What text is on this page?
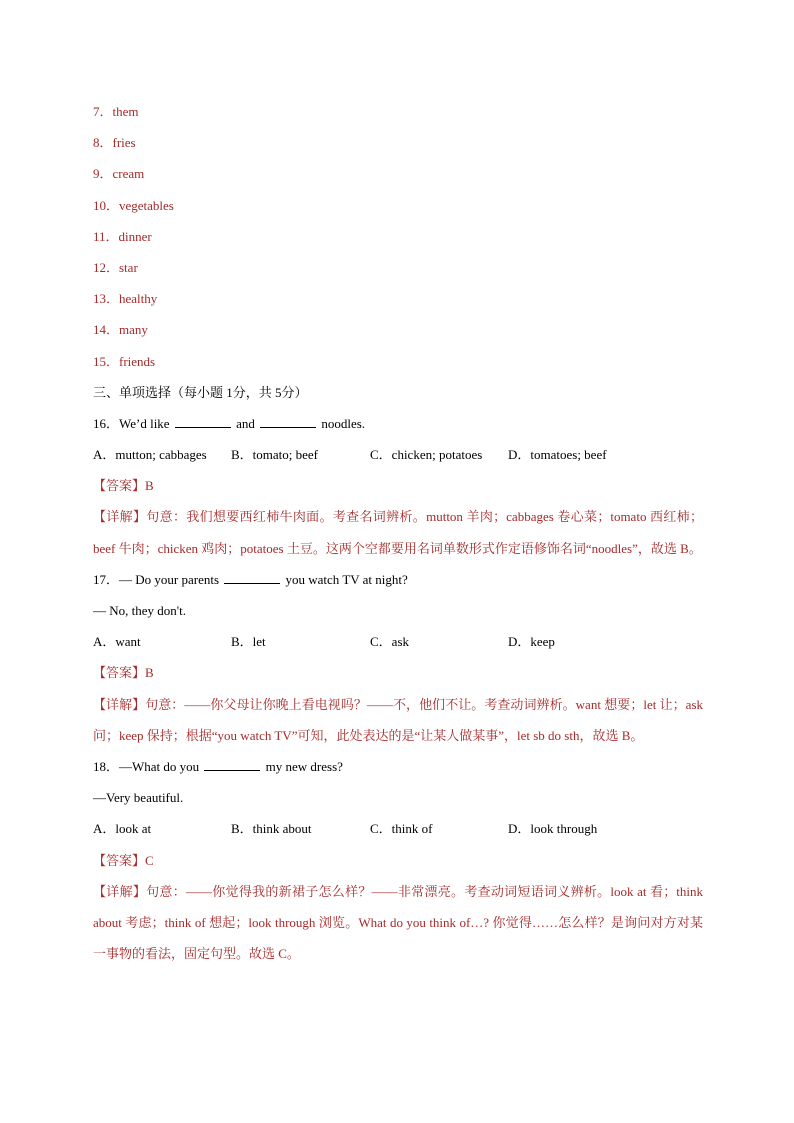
7．them
8．fries
9．cream
10．vegetables
11．dinner
12．star
13．healthy
14．many
15．friends
三、单项选择（每小题 1分，共 5分）
16．We’d like	and	noodles.
A．mutton; cabbages	B．tomato; beef	C．chicken; potatoes	D．tomatoes; beef
【答案】B

【详解】句意：我们想要西红柿牛肉面。考查名词辨析。mutton 羊肉；cabbages 卷心菜；tomato 西红柿；beef 牛肉；chicken 鸡肉；potatoes 土豆。这两个空都要用名词单数形式作定语修饰名词“noodles”，故选 B。

17．— Do your parents	you watch TV at night?
— No, they don't.
A．want	B．let	C．ask	D．keep
【答案】B

【详解】句意：——你父母让你晚上看电视吗？——不，他们不让。考查动词辨析。want 想要；let 让；ask 问；keep 保持；根据“you watch TV”可知，此处表达的是“让某人做某事”，let sb do sth，故选 B。

18．—What do you	my new dress?
—Very beautiful.
A．look at	B．think about	C．think of	D．look through
【答案】C

【详解】句意：——你觉得我的新裙子怎么样？——非常漂亮。考查动词短语词义辨析。look at 看；think about 考虑；think of 想起；look through 浏览。What do you think of…? 你觉得……怎么样？是询问对方对某一事物的看法，固定句型。故选 C。
